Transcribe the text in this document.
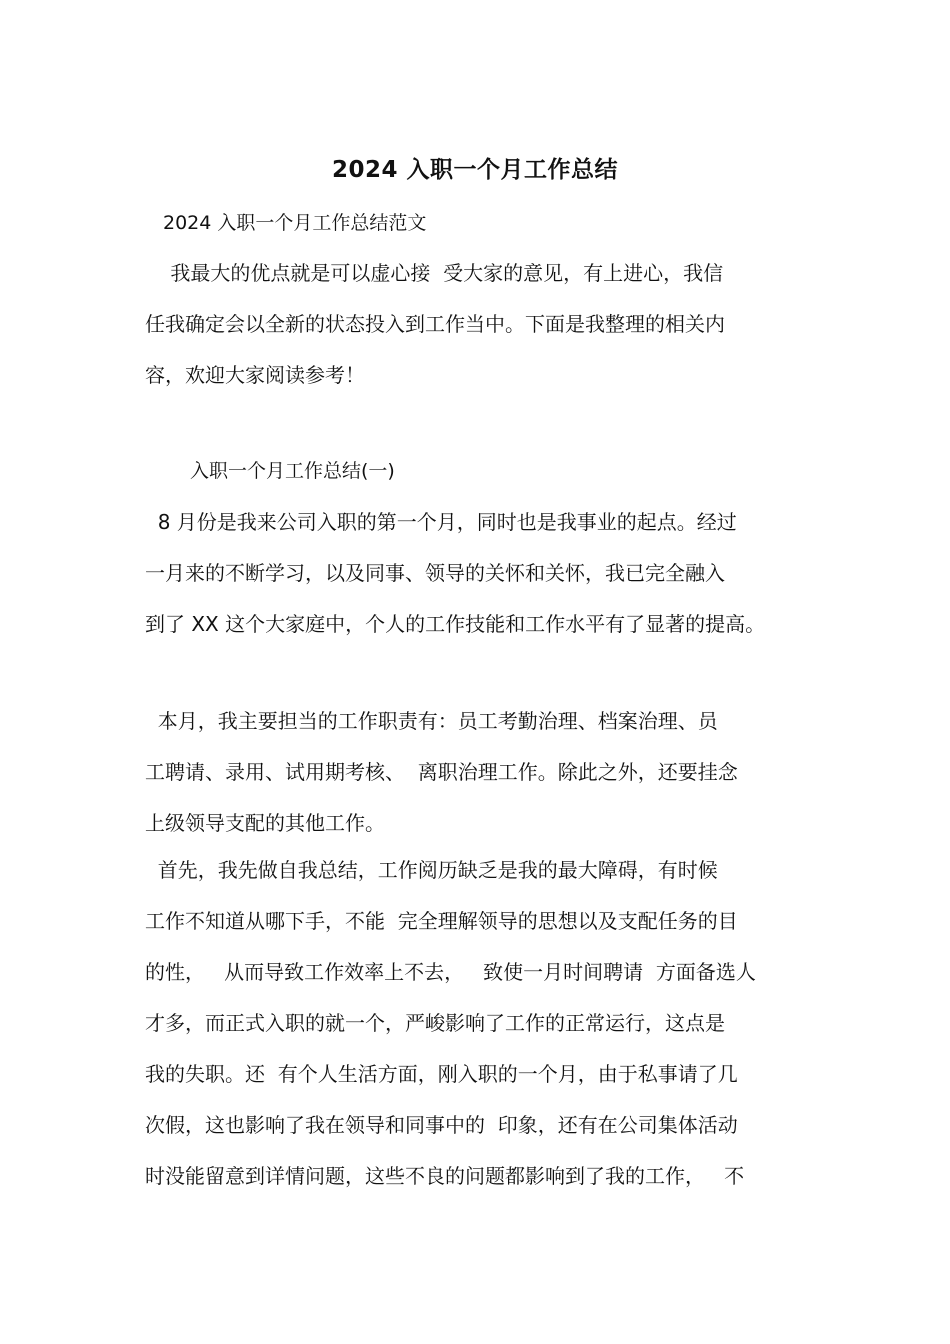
2024 入职一个月工作总结
2024 入职一个月工作总结范文
我最大的优点就是可以虚心接  受大家的意见，有上进心，我信
任我确定会以全新的状态投入到工作当中。下面是我整理的相关内
容，欢迎大家阅读参考！
入职一个月工作总结(一)
8 月份是我来公司入职的第一个月，同时也是我事业的起点。经过
一月来的不断学习，以及同事、领导的关怀和关怀，我已完全融入
到了 XX 这个大家庭中，个人的工作技能和工作水平有了显著的提高。
本月，我主要担当的工作职责有：员工考勤治理、档案治理、员
工聘请、录用、试用期考核、  离职治理工作。除此之外，还要挂念
上级领导支配的其他工作。
首先，我先做自我总结，工作阅历缺乏是我的最大障碍，有时候
工作不知道从哪下手，不能  完全理解领导的思想以及支配任务的目
的性，   从而导致工作效率上不去，   致使一月时间聘请  方面备选人
才多，而正式入职的就一个，严峻影响了工作的正常运行，这点是
我的失职。还  有个人生活方面，刚入职的一个月，由于私事请了几
次假，这也影响了我在领导和同事中的  印象，还有在公司集体活动
时没能留意到详情问题，这些不良的问题都影响到了我的工作，   不
